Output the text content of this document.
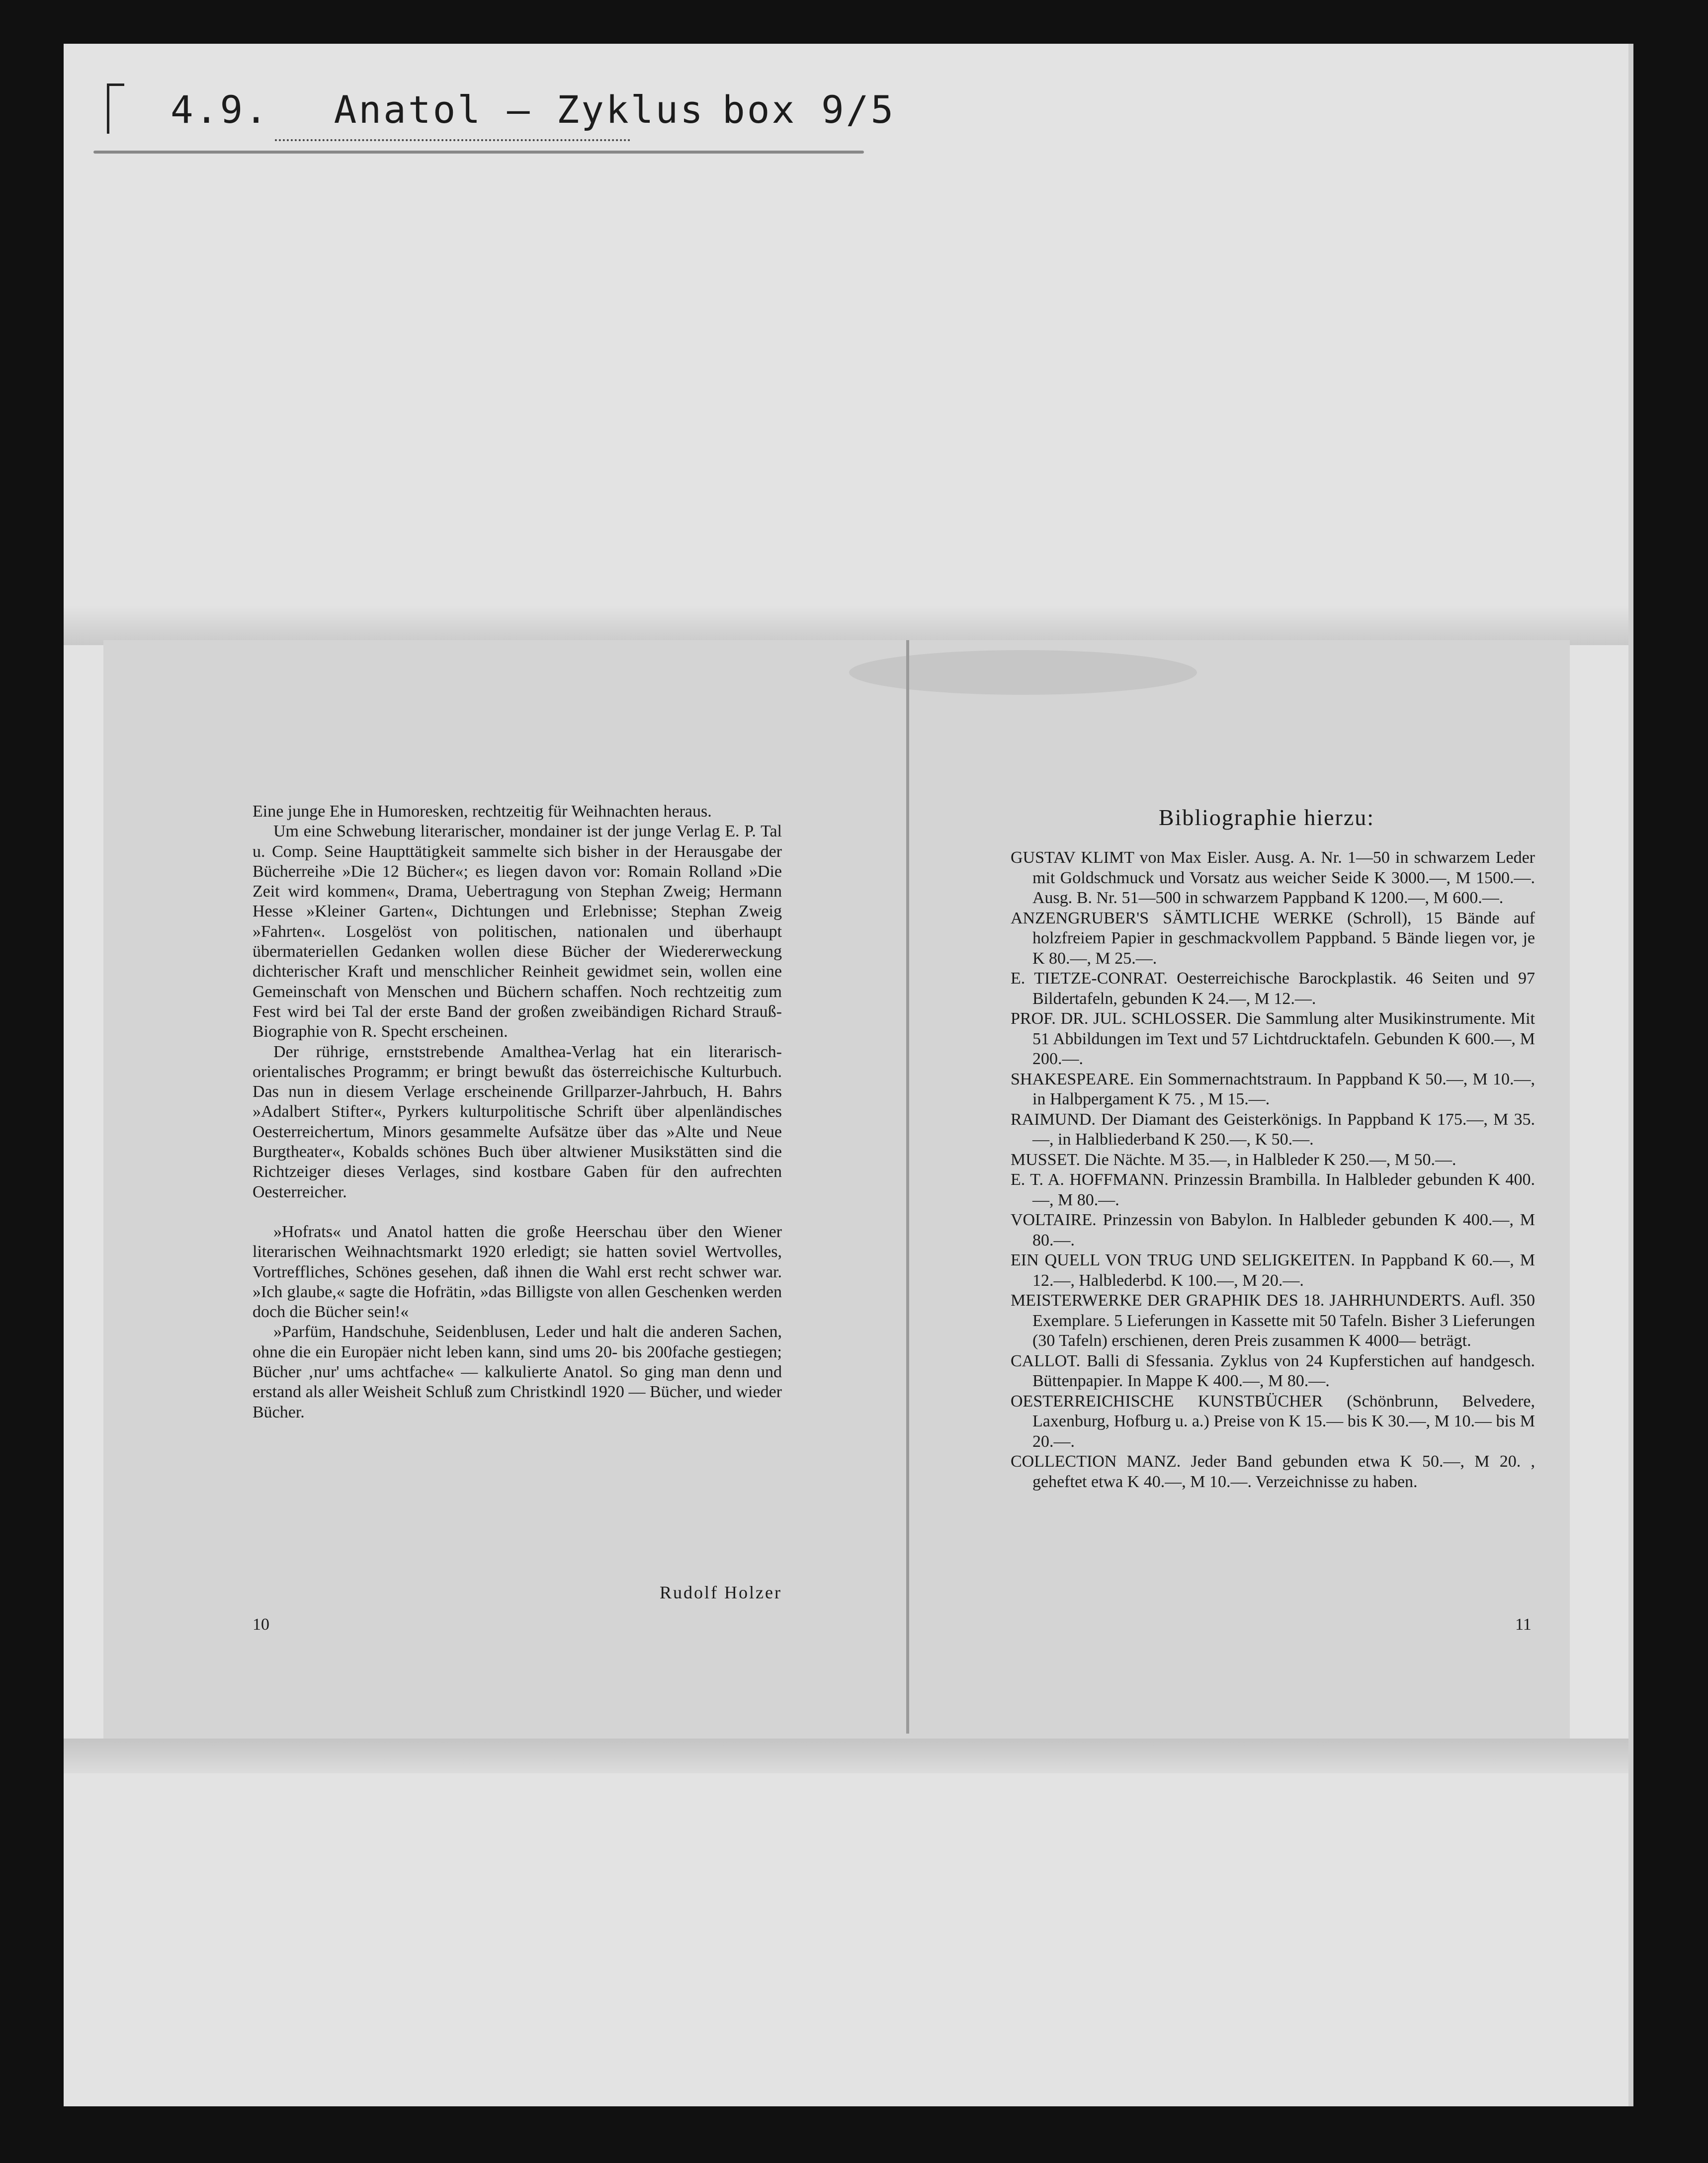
4.9. Anatol – Zyklus box 9/5

Eine junge Ehe in Humoresken, rechtzeitig für Weihnachten heraus.

Um eine Schwebung literarischer, mondainer ist der junge Verlag E. P. Tal u. Comp. Seine Haupttätigkeit sammelte sich bisher in der Herausgabe der Bücherreihe »Die 12 Bücher«; es liegen davon vor: Romain Rolland »Die Zeit wird kommen«, Drama, Uebertragung von Stephan Zweig; Hermann Hesse »Kleiner Garten«, Dichtungen und Erlebnisse; Stephan Zweig »Fahrten«. Losgelöst von politischen, nationalen und überhaupt übermateriellen Gedanken wollen diese Bücher der Wiedererweckung dichterischer Kraft und menschlicher Reinheit gewidmet sein, wollen eine Gemeinschaft von Menschen und Büchern schaffen. Noch rechtzeitig zum Fest wird bei Tal der erste Band der großen zweibändigen Richard Strauß-Biographie von R. Specht erscheinen.

Der rührige, ernststrebende Amalthea-Verlag hat ein literarisch-orientalisches Programm; er bringt bewußt das österreichische Kulturbuch. Das nun in diesem Verlage erscheinende Grillparzer-Jahrbuch, H. Bahrs »Adalbert Stifter«, Pyrkers kulturpolitische Schrift über alpenländisches Oesterreichertum, Minors gesammelte Aufsätze über das »Alte und Neue Burgtheater«, Kobalds schönes Buch über altwiener Musikstätten sind die Richtzeiger dieses Verlages, sind kostbare Gaben für den aufrechten Oesterreicher.

»Hofrats« und Anatol hatten die große Heerschau über den Wiener literarischen Weihnachtsmarkt 1920 erledigt; sie hatten soviel Wertvolles, Vortreffliches, Schönes gesehen, daß ihnen die Wahl erst recht schwer war. »Ich glaube,« sagte die Hofrätin, »das Billigste von allen Geschenken werden doch die Bücher sein!«

»Parfüm, Handschuhe, Seidenblusen, Leder und halt die anderen Sachen, ohne die ein Europäer nicht leben kann, sind ums 20- bis 200fache gestiegen; Bücher ‚nur' ums achtfache« — kalkulierte Anatol. So ging man denn und erstand als aller Weisheit Schluß zum Christkindl 1920 — Bücher, und wieder Bücher.

Rudolf Holzer
10
Bibliographie hierzu:

GUSTAV KLIMT von Max Eisler. Ausg. A. Nr. 1—50 in schwarzem Leder mit Goldschmuck und Vorsatz aus weicher Seide K 3000.—, M 1500.—. Ausg. B. Nr. 51—500 in schwarzem Pappband K 1200.—, M 600.—.

ANZENGRUBER'S SÄMTLICHE WERKE (Schroll), 15 Bände auf holzfreiem Papier in geschmackvollem Pappband. 5 Bände liegen vor, je K 80.—, M 25.—.

E. TIETZE-CONRAT. Oesterreichische Barockplastik. 46 Seiten und 97 Bildertafeln, gebunden K 24.—, M 12.—.

PROF. DR. JUL. SCHLOSSER. Die Sammlung alter Musikinstrumente. Mit 51 Abbildungen im Text und 57 Lichtdrucktafeln. Gebunden K 600.—, M 200.—.

SHAKESPEARE. Ein Sommernachtstraum. In Pappband K 50.—, M 10.—, in Halbpergament K 75. , M 15.—.

RAIMUND. Der Diamant des Geisterkönigs. In Pappband K 175.—, M 35.—, in Halbliederband K 250.—, K 50.—.

MUSSET. Die Nächte. M 35.—, in Halbleder K 250.—, M 50.—.

E. T. A. HOFFMANN. Prinzessin Brambilla. In Halbleder gebunden K 400.—, M 80.—.

VOLTAIRE. Prinzessin von Babylon. In Halbleder gebunden K 400.—, M 80.—.

EIN QUELL VON TRUG UND SELIGKEITEN. In Pappband K 60.—, M 12.—, Halblederbd. K 100.—, M 20.—.

MEISTERWERKE DER GRAPHIK DES 18. JAHRHUNDERTS. Aufl. 350 Exemplare. 5 Lieferungen in Kassette mit 50 Tafeln. Bisher 3 Lieferungen (30 Tafeln) erschienen, deren Preis zusammen K 4000— beträgt.

CALLOT. Balli di Sfessania. Zyklus von 24 Kupferstichen auf handgesch. Büttenpapier. In Mappe K 400.—, M 80.—.

OESTERREICHISCHE KUNSTBÜCHER (Schönbrunn, Belvedere, Laxenburg, Hofburg u. a.) Preise von K 15.— bis K 30.—, M 10.— bis M 20.—.

COLLECTION MANZ. Jeder Band gebunden etwa K 50.—, M 20. , geheftet etwa K 40.—, M 10.—. Verzeichnisse zu haben.

11
